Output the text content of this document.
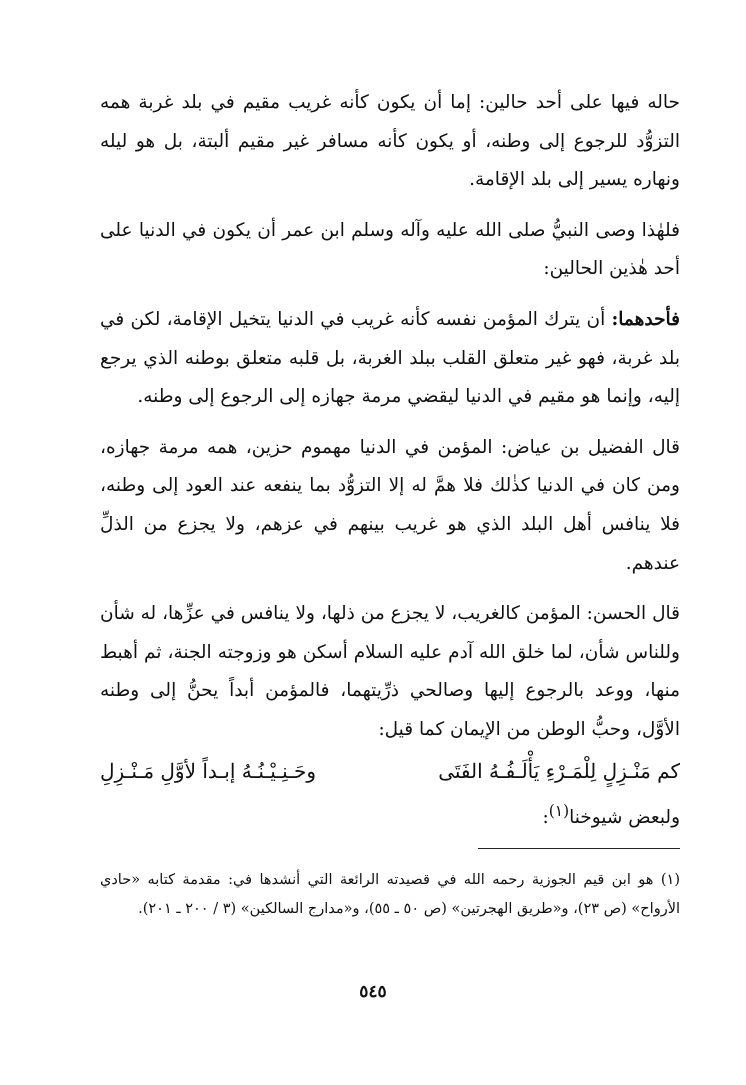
حاله فيها على أحد حالين: إما أن يكون كأنه غريب مقيم في بلد غربة همه التزوُّد للرجوع إلى وطنه، أو يكون كأنه مسافر غير مقيم ألبتة، بل هو ليله ونهاره يسير إلى بلد الإقامة.

فلهٰذا وصى النبيُّ صلى الله عليه وآله وسلم ابن عمر أن يكون في الدنيا على أحد هٰذين الحالين:

فأحدهما: أن يترك المؤمن نفسه كأنه غريب في الدنيا يتخيل الإقامة، لكن في بلد غربة، فهو غير متعلق القلب ببلد الغربة، بل قلبه متعلق بوطنه الذي يرجع إليه، وإنما هو مقيم في الدنيا ليقضي مرمة جهازه إلى الرجوع إلى وطنه.

قال الفضيل بن عياض: المؤمن في الدنيا مهموم حزين، همه مرمة جهازه، ومن كان في الدنيا كذٰلك فلا همَّ له إلا التزوُّد بما ينفعه عند العود إلى وطنه، فلا ينافس أهل البلد الذي هو غريب بينهم في عزهم، ولا يجزع من الذلِّ عندهم.

قال الحسن: المؤمن كالغريب، لا يجزع من ذلها، ولا ينافس في عزِّها، له شأن وللناس شأن، لما خلق الله آدم عليه السلام أسكن هو وزوجته الجنة، ثم أهبط منها، ووعد بالرجوع إليها وصالحي ذرِّيتهما، فالمؤمن أبداً يحنُّ إلى وطنه الأوَّل، وحبُّ الوطن من الإيمان كما قيل:

كم مَنْـزِلٍ لِلْمَـرْءِ يَأْلَـفُـهُ الفَتَى
وحَـنِـيْـنُـهُ إبـداً لأوَّلِ مَـنْـزِلِ

ولبعض شيوخنا$^{(١)}$:

(١) هو ابن قيم الجوزية رحمه الله في قصيدته الرائعة التي أنشدها في: مقدمة كتابه «حادي الأرواح» (ص ٢٣)، و«طريق الهجرتين» (ص ٥٠ ـ ٥٥)، و«مدارج السالكين» (٣ / ٢٠٠ ـ ٢٠١).
٥٤٥
